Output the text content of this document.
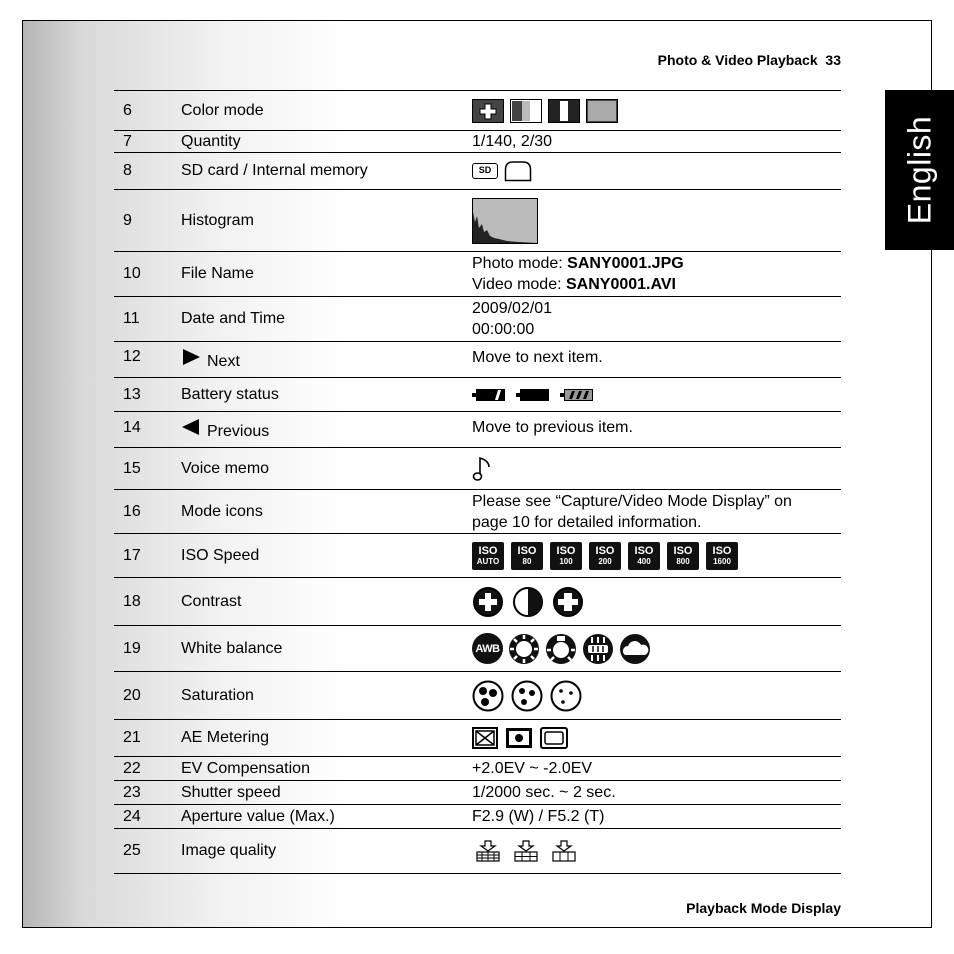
Photo & Video Playback  33
English
6	Color mode
7	Quantity	1/140, 2/30
8	SD card / Internal memory	SD
9	Histogram
10	File Name
Photo mode: SANY0001.JPG
Video mode: SANY0001.AVI
11	Date and Time
2009/02/01
00:00:00
12	Next	Move to next item.
13	Battery status
14	Previous	Move to previous item.
15	Voice memo
16	Mode icons
Please see “Capture/Video Mode Display” on
page 10 for detailed information.
17	ISO Speed	ISO
AUTO
ISO
80
ISO
100
ISO
200
ISO
400
ISO
800
ISO
1600
18	Contrast
19	White balance	AWB
20	Saturation
21	AE Metering
22	EV Compensation	+2.0EV ~ -2.0EV
23	Shutter speed	1/2000 sec. ~ 2 sec.
24	Aperture value (Max.)	F2.9 (W) / F5.2 (T)
25	Image quality
Playback Mode Display
